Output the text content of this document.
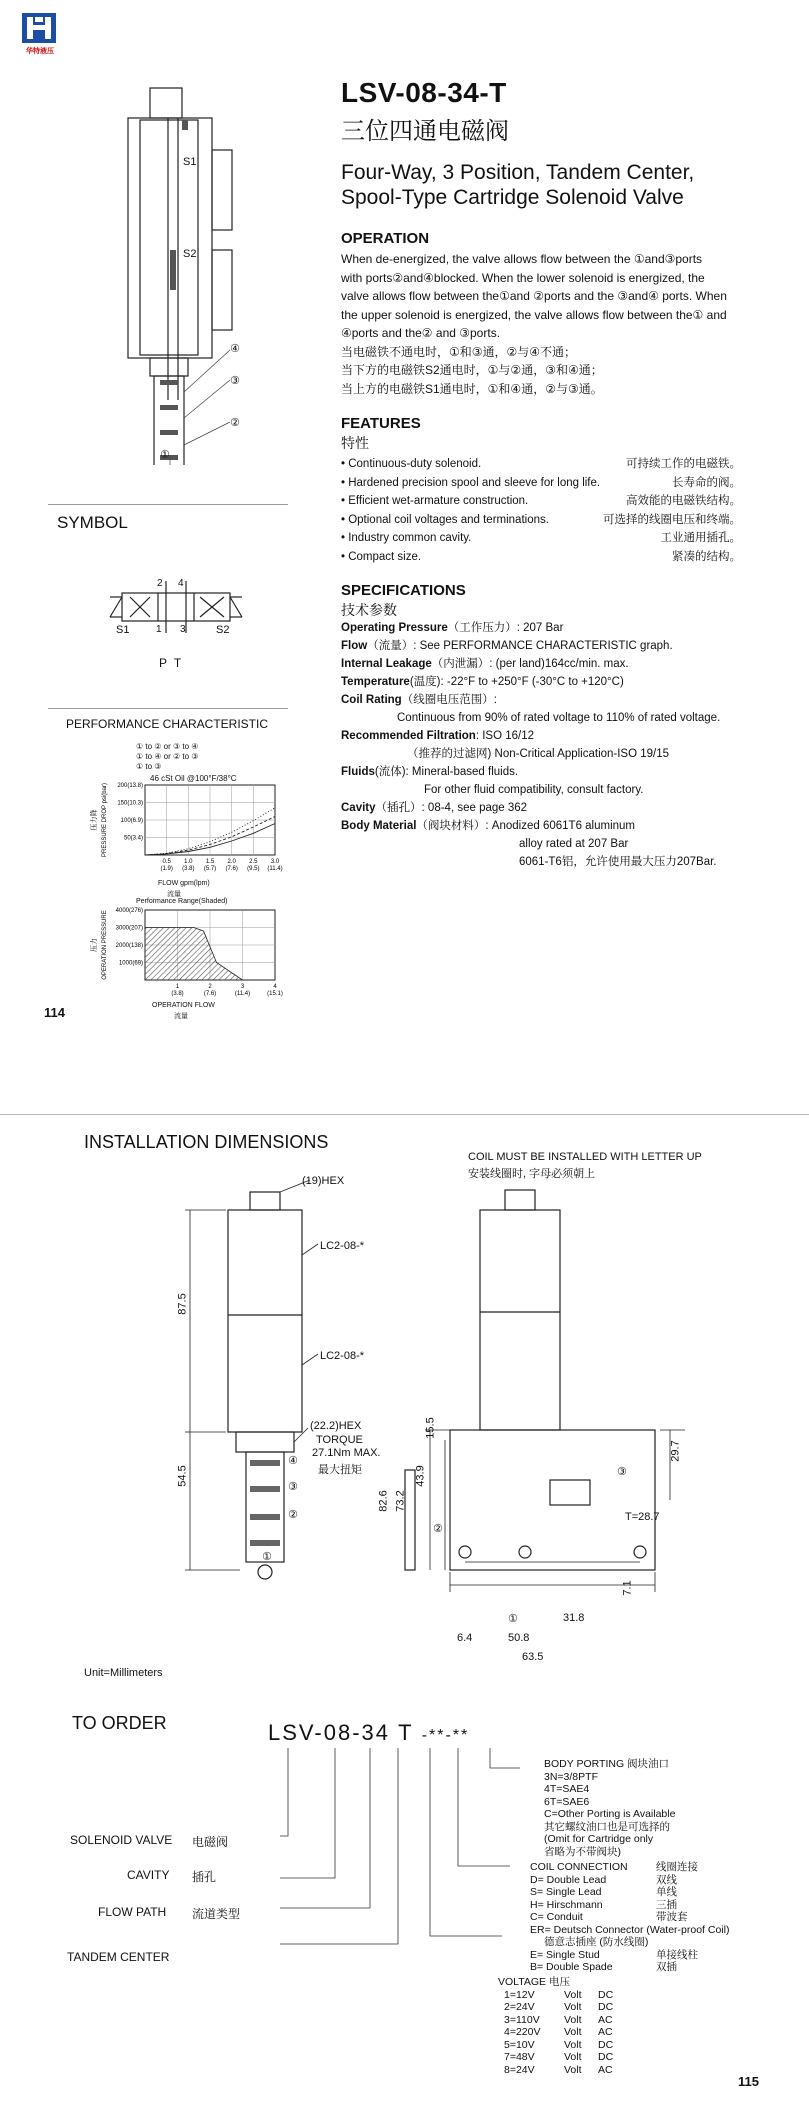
华特液压
LSV-08-34-T
三位四通电磁阀
Four-Way, 3 Position, Tandem Center,
Spool-Type Cartridge Solenoid Valve
S1
S2
④
③
②
①
OPERATION
When de-energized, the valve allows flow between the ①and③ports
with ports②and④blocked. When the lower solenoid is energized, the
valve allows flow between the①and ②ports and the ③and④ ports. When
the upper solenoid is energized, the valve allows flow between the① and
④ports and the② and ③ports.
当电磁铁不通电时，①和③通，②与④不通；
当下方的电磁铁S2通电时，①与②通，③和④通；
当上方的电磁铁S1通电时，①和④通，②与③通。
FEATURES
特性
• Continuous-duty solenoid.	可持续工作的电磁铁。
• Hardened precision spool and sleeve for long life.	长寿命的阀。
• Efficient wet-armature construction.	高效能的电磁铁结构。
• Optional coil voltages and terminations.	可选择的线圈电压和终端。
• Industry common cavity.	工业通用插孔。
• Compact size.	紧凑的结构。
SPECIFICATIONS
技术参数
Operating Pressure（工作压力）: 207 Bar
Flow（流量）: See PERFORMANCE CHARACTERISTIC graph.
Internal Leakage（内泄漏）: (per land)164cc/min. max.
Temperature(温度): -22°F to +250°F (-30°C to +120°C)
Coil Rating（线圈电压范围）:
Continuous from 90% of rated voltage to 110% of rated voltage.
Recommended Filtration: ISO 16/12
（推荐的过滤网) Non-Critical Application-ISO 19/15
Fluids(流体): Mineral-based fluids.
For other fluid compatibility, consult factory.
Cavity（插孔）: 08-4, see page 362
Body Material（阀块材料）: Anodized 6061T6 aluminum
alloy rated at 207 Bar
6061-T6铝，允许使用最大压力207Bar.
SYMBOL
2 4
S1	1 3	S2
P T
PERFORMANCE CHARACTERISTIC
① to ② or ③ to ④
① to ④ or ② to ③
① to ③
46 cSt Oil @100°F/38°C
200(13.8)
150(10.3)
100(6.9)
50(3.4)
0.5
(1.9)
1.0
(3.8)
1.5
(5.7)
2.0
(7.6)
2.5
(9.5)
3.0
(11.4)
PRESSURE DROP psi(bar)
压力降
FLOW gpm(lpm)
流量
Performance Range(Shaded)
4000(276)
3000(207)
2000(138)
1000(69)
1
(3.8)
2
(7.6)
3
(11.4)
4
(15.1)
OPERATION PRESSURE
压力
OPERATION FLOW
流量
114
INSTALLATION DIMENSIONS
COIL MUST BE INSTALLED WITH LETTER UP
安装线圈时, 字母必须朝上
(19)HEX
LC2-08-*
LC2-08-*
(22.2)HEX
TORQUE
27.1Nm MAX.
最大扭矩
87.5
54.5
④
③
②
①
15.5
43.9
82.6 73.2
29.7
T=28.7
7.1
31.8
6.4	50.8
63.5
③
②
①
Unit=Millimeters
TO ORDER	LSV-08-34 T -**-**
SOLENOID VALVE 电磁阀
CAVITY 插孔
FLOW PATH 流道类型
TANDEM CENTER
BODY PORTING 阀块油口
3N=3/8PTF
4T=SAE4
6T=SAE6
C=Other Porting is Available
其它螺纹油口也是可选择的
(Omit for Cartridge only
省略为不带阀块)
COIL CONNECTION	线圈连接
D= Double Lead	双线
S= Single Lead	单线
H= Hirschmann	三插
C= Conduit	带波套
ER= Deutsch Connector (Water-proof Coil)
德意志插座 (防水线圈)
E= Single Stud	单接线柱
B= Double Spade	双插
VOLTAGE 电压
1=12V	Volt DC
2=24V	Volt DC
3=110V Volt AC
4=220V Volt AC
5=10V	Volt DC
7=48V	Volt DC
8=24V	Volt AC
115
